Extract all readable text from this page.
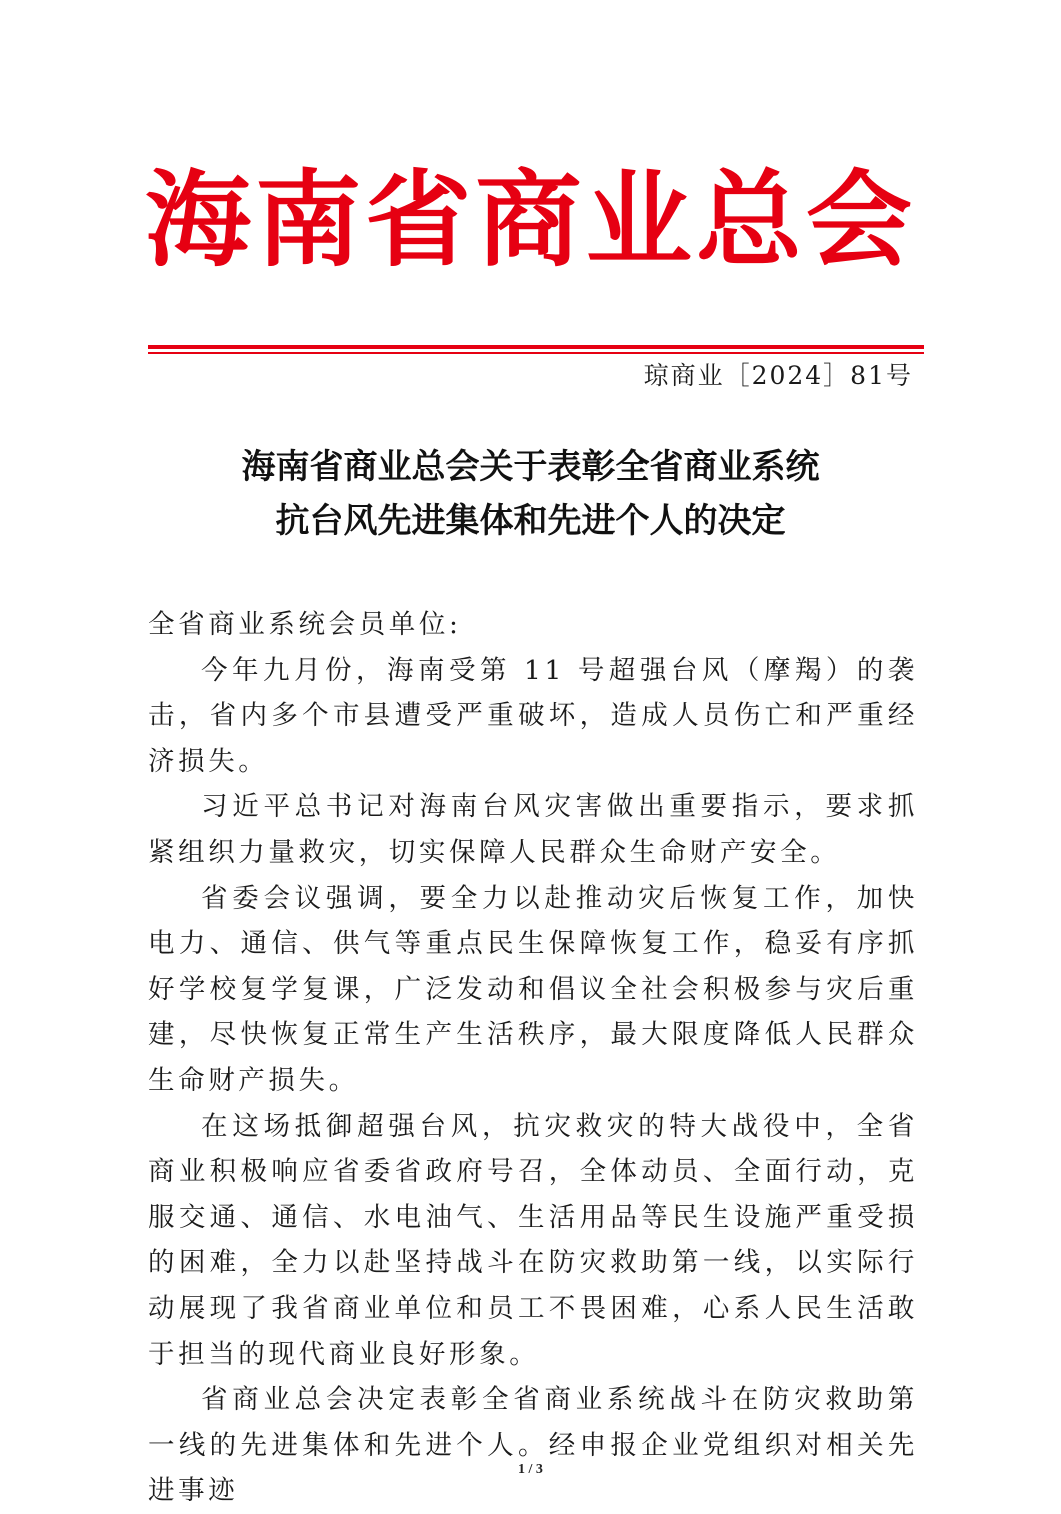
海南省商业总会
琼商业［2024］81号
海南省商业总会关于表彰全省商业系统
抗台风先进集体和先进个人的决定

全省商业系统会员单位:

今年九月份，海南受第 11 号超强台风（摩羯）的袭击，省内多个市县遭受严重破坏，造成人员伤亡和严重经济损失。

习近平总书记对海南台风灾害做出重要指示，要求抓紧组织力量救灾，切实保障人民群众生命财产安全。

省委会议强调，要全力以赴推动灾后恢复工作，加快电力、通信、供气等重点民生保障恢复工作，稳妥有序抓好学校复学复课，广泛发动和倡议全社会积极参与灾后重建，尽快恢复正常生产生活秩序，最大限度降低人民群众生命财产损失。

在这场抵御超强台风，抗灾救灾的特大战役中，全省商业积极响应省委省政府号召，全体动员、全面行动，克服交通、通信、水电油气、生活用品等民生设施严重受损的困难，全力以赴坚持战斗在防灾救助第一线，以实际行动展现了我省商业单位和员工不畏困难，心系人民生活敢于担当的现代商业良好形象。

省商业总会决定表彰全省商业系统战斗在防灾救助第一线的先进集体和先进个人。经申报企业党组织对相关先进事迹

1 / 3
